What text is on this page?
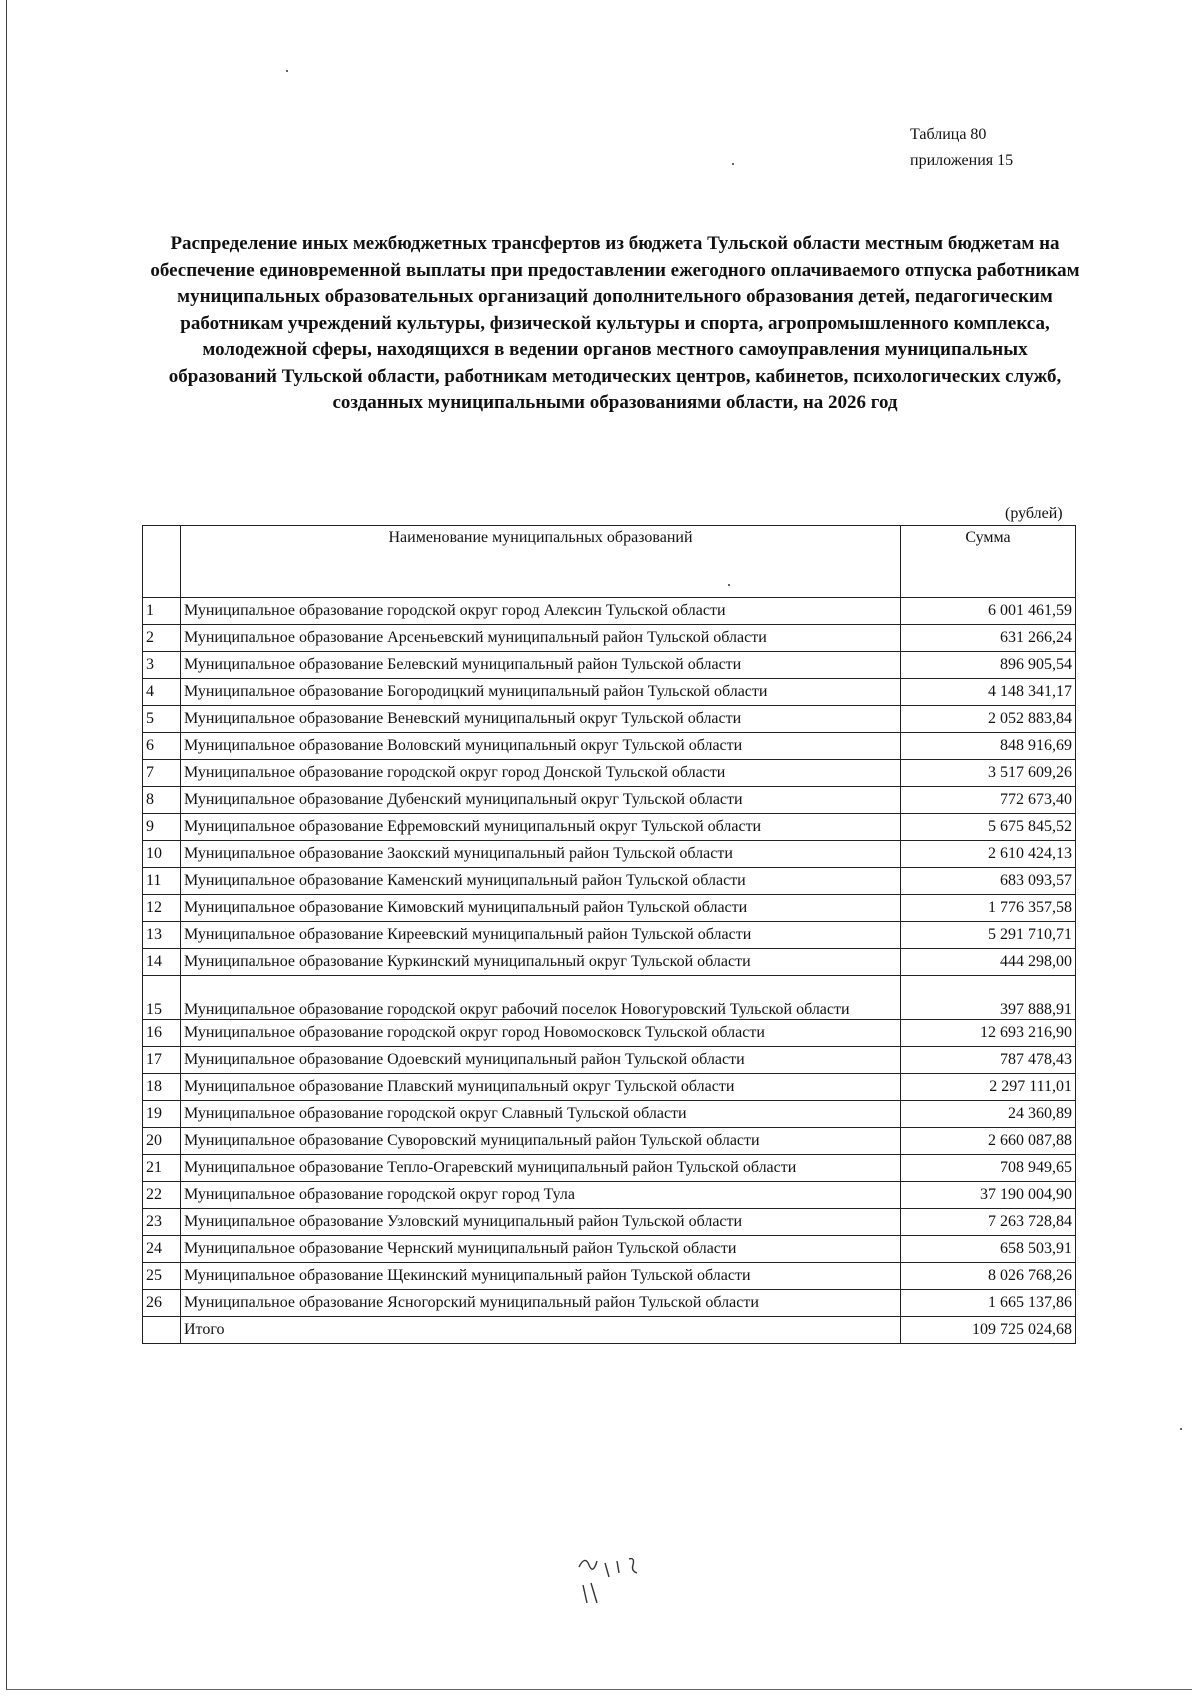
Таблица 80
приложения 15
Распределение иных межбюджетных трансфертов из бюджета Тульской области местным бюджетам на обеспечение единовременной выплаты при предоставлении ежегодного оплачиваемого отпуска работникам муниципальных образовательных организаций дополнительного образования детей, педагогическим работникам учреждений культуры, физической культуры и спорта, агропромышленного комплекса, молодежной сферы, находящихся в ведении органов местного самоуправления муниципальных образований Тульской области, работникам методических центров, кабинетов, психологических служб, созданных муниципальными образованиями области, на 2026 год
(рублей)
	Наименование муниципальных образований	Сумма
1	Муниципальное образование городской округ город Алексин Тульской области	6 001 461,59
2	Муниципальное образование Арсеньевский муниципальный район Тульской области	631 266,24
3	Муниципальное образование Белевский муниципальный район Тульской области	896 905,54
4	Муниципальное образование Богородицкий муниципальный район Тульской области	4 148 341,17
5	Муниципальное образование Веневский муниципальный округ Тульской области	2 052 883,84
6	Муниципальное образование Воловский муниципальный округ Тульской области	848 916,69
7	Муниципальное образование городской округ город Донской Тульской области	3 517 609,26
8	Муниципальное образование Дубенский муниципальный округ Тульской области	772 673,40
9	Муниципальное образование Ефремовский муниципальный округ Тульской области	5 675 845,52
10	Муниципальное образование Заокский муниципальный район Тульской области	2 610 424,13
11	Муниципальное образование Каменский муниципальный район Тульской области	683 093,57
12	Муниципальное образование Кимовский муниципальный район Тульской области	1 776 357,58
13	Муниципальное образование Киреевский муниципальный район Тульской области	5 291 710,71
14	Муниципальное образование Куркинский муниципальный округ Тульской области	444 298,00
15	Муниципальное образование городской округ рабочий поселок Новогуровский Тульской области	397 888,91
16	Муниципальное образование городской округ город Новомосковск Тульской области	12 693 216,90
17	Муниципальное образование Одоевский муниципальный район Тульской области	787 478,43
18	Муниципальное образование Плавский муниципальный округ Тульской области	2 297 111,01
19	Муниципальное образование городской округ Славный Тульской области	24 360,89
20	Муниципальное образование Суворовский муниципальный район Тульской области	2 660 087,88
21	Муниципальное образование Тепло-Огаревский муниципальный район Тульской области	708 949,65
22	Муниципальное образование городской округ город Тула	37 190 004,90
23	Муниципальное образование Узловский муниципальный район Тульской области	7 263 728,84
24	Муниципальное образование Чернский муниципальный район Тульской области	658 503,91
25	Муниципальное образование Щекинский муниципальный район Тульской области	8 026 768,26
26	Муниципальное образование Ясногорский муниципальный район Тульской области	1 665 137,86
	Итого	109 725 024,68
